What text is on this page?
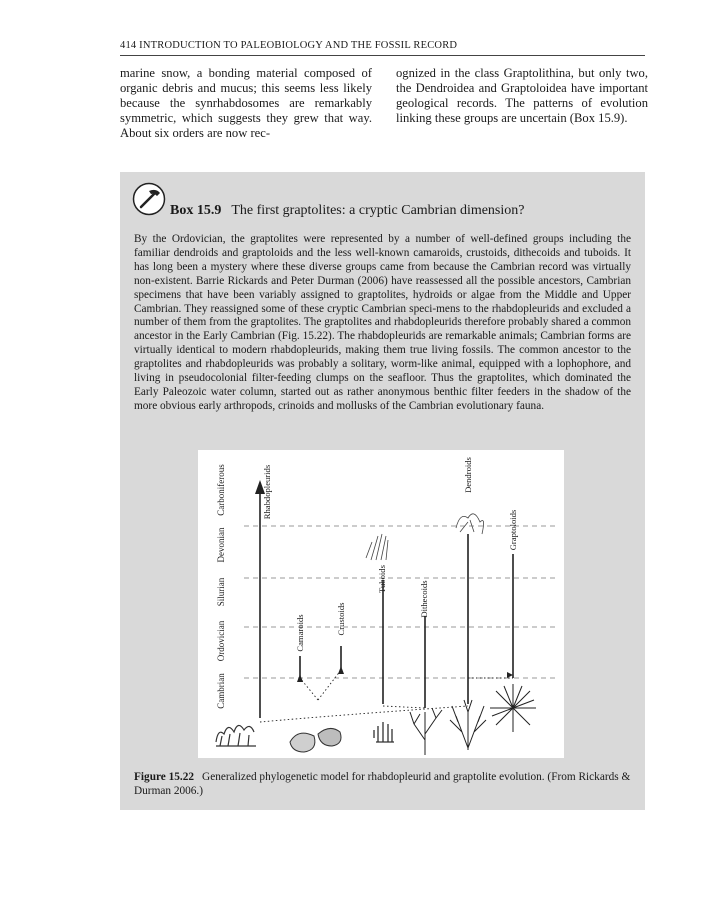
414 INTRODUCTION TO PALEOBIOLOGY AND THE FOSSIL RECORD
marine snow, a bonding material composed of organic debris and mucus; this seems less likely because the synrhabdosomes are remarkably symmetric, which suggests they grew that way. About six orders are now rec-
ognized in the class Graptolithina, but only two, the Dendroidea and Graptoloidea have important geological records. The patterns of evolution linking these groups are uncertain (Box 15.9).
Box 15.9 The first graptolites: a cryptic Cambrian dimension?
By the Ordovician, the graptolites were represented by a number of well-defined groups including the familiar dendroids and graptoloids and the less well-known camaroids, crustoids, dithecoids and tuboids. It has long been a mystery where these diverse groups came from because the Cambrian record was virtually non-existent. Barrie Rickards and Peter Durman (2006) have reassessed all the possible ancestors, Cambrian specimens that have been variably assigned to graptolites, hydroids or algae from the Middle and Upper Cambrian. They reassigned some of these cryptic Cambrian speci-mens to the rhabdopleurids and excluded a number of them from the graptolites. The graptolites and rhabdopleurids therefore probably shared a common ancestor in the Early Cambrian (Fig. 15.22). The rhabdopleurids are remarkable animals; Cambrian forms are virtually identical to modern rhabdopleurids, making them true living fossils. The common ancestor to the graptolites and rhabdopleurids was probably a solitary, worm-like animal, equipped with a lophophore, and living in pseudocolonial filter-feeding clumps on the seafloor. Thus the graptolites, which dominated the Early Paleozoic water column, started out as rather anonymous benthic filter feeders in the shadow of the more obvious early arthropods, crinoids and mollusks of the Cambrian evolutionary fauna.
Cambrian
Ordovician
Silurian
Devonian
Carboniferous	Rhabdopleurids
Camaroids	Crustoids
Tuboids
Dithecoids
Dendroids
Graptoloids
Figure 15.22 Generalized phylogenetic model for rhabdopleurid and graptolite evolution. (From Rickards & Durman 2006.)
